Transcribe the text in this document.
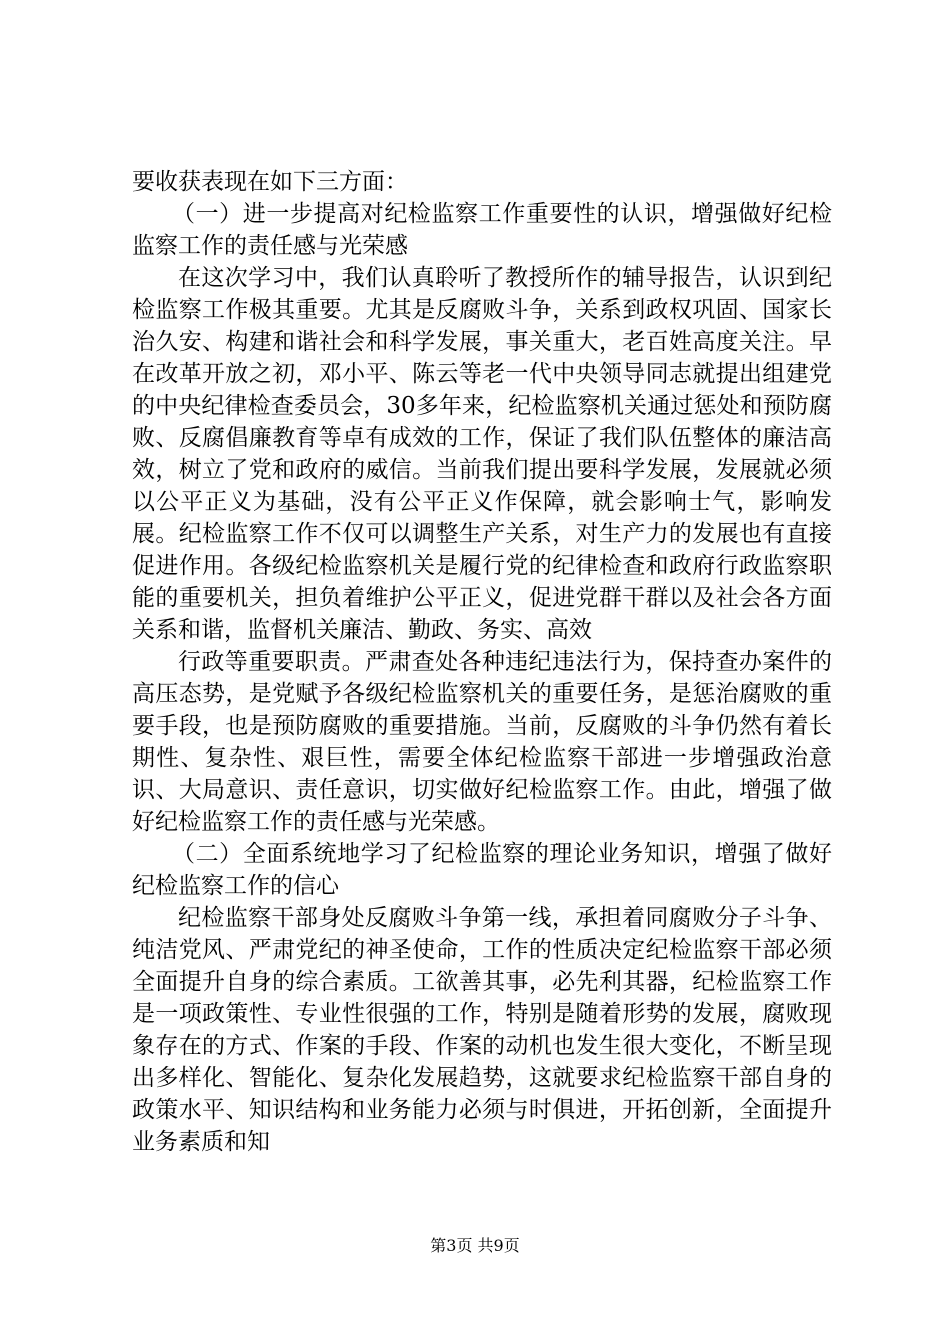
要收获表现在如下三方面：

（一）进一步提高对纪检监察工作重要性的认识，增强做好纪检监察工作的责任感与光荣感

在这次学习中，我们认真聆听了教授所作的辅导报告，认识到纪检监察工作极其重要。尤其是反腐败斗争，关系到政权巩固、国家长治久安、构建和谐社会和科学发展，事关重大，老百姓高度关注。早在改革开放之初，邓小平、陈云等老一代中央领导同志就提出组建党的中央纪律检查委员会，30多年来，纪检监察机关通过惩处和预防腐败、反腐倡廉教育等卓有成效的工作，保证了我们队伍整体的廉洁高效，树立了党和政府的威信。当前我们提出要科学发展，发展就必须以公平正义为基础，没有公平正义作保障，就会影响士气，影响发展。纪检监察工作不仅可以调整生产关系，对生产力的发展也有直接促进作用。各级纪检监察机关是履行党的纪律检查和政府行政监察职能的重要机关，担负着维护公平正义，促进党群干群以及社会各方面关系和谐，监督机关廉洁、勤政、务实、高效

行政等重要职责。严肃查处各种违纪违法行为，保持查办案件的高压态势，是党赋予各级纪检监察机关的重要任务，是惩治腐败的重要手段，也是预防腐败的重要措施。当前，反腐败的斗争仍然有着长期性、复杂性、艰巨性，需要全体纪检监察干部进一步增强政治意识、大局意识、责任意识，切实做好纪检监察工作。由此，增强了做好纪检监察工作的责任感与光荣感。

（二）全面系统地学习了纪检监察的理论业务知识，增强了做好纪检监察工作的信心

纪检监察干部身处反腐败斗争第一线，承担着同腐败分子斗争、纯洁党风、严肃党纪的神圣使命，工作的性质决定纪检监察干部必须全面提升自身的综合素质。工欲善其事，必先利其器，纪检监察工作是一项政策性、专业性很强的工作，特别是随着形势的发展，腐败现象存在的方式、作案的手段、作案的动机也发生很大变化，不断呈现出多样化、智能化、复杂化发展趋势，这就要求纪检监察干部自身的政策水平、知识结构和业务能力必须与时俱进，开拓创新，全面提升业务素质和知

第3页 共9页
